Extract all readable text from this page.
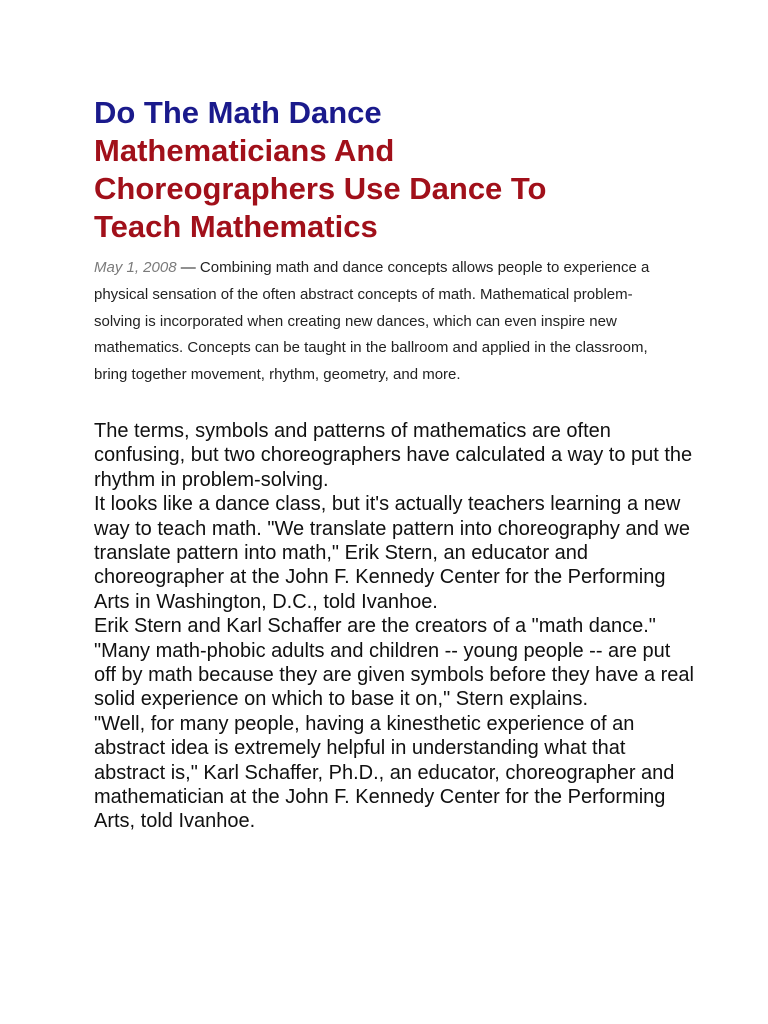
Do The Math Dance
Mathematicians And Choreographers Use Dance To Teach Mathematics

May 1, 2008 — Combining math and dance concepts allows people to experience a physical sensation of the often abstract concepts of math. Mathematical problem-solving is incorporated when creating new dances, which can even inspire new mathematics. Concepts can be taught in the ballroom and applied in the classroom, bring together movement, rhythm, geometry, and more.

The terms, symbols and patterns of mathematics are often confusing, but two choreographers have calculated a way to put the rhythm in problem-solving.

It looks like a dance class, but it's actually teachers learning a new way to teach math. "We translate pattern into choreography and we translate pattern into math," Erik Stern, an educator and choreographer at the John F. Kennedy Center for the Performing Arts in Washington, D.C., told Ivanhoe.

Erik Stern and Karl Schaffer are the creators of a "math dance." "Many math-phobic adults and children -- young people -- are put off by math because they are given symbols before they have a real solid experience on which to base it on," Stern explains.

"Well, for many people, having a kinesthetic experience of an abstract idea is extremely helpful in understanding what that abstract is," Karl Schaffer, Ph.D., an educator, choreographer and mathematician at the John F. Kennedy Center for the Performing Arts, told Ivanhoe.
